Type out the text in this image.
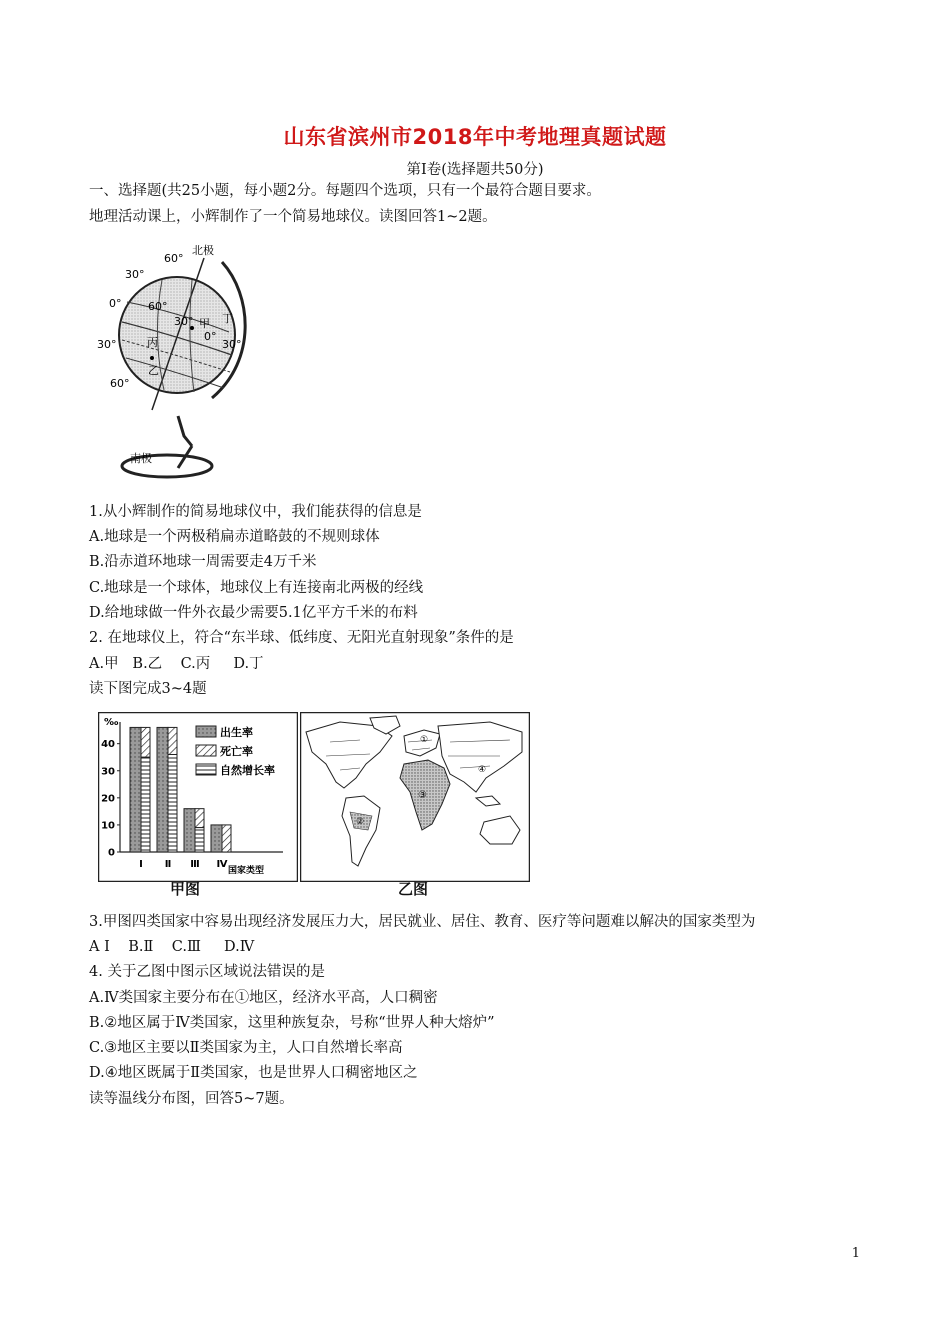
山东省滨州市2018年中考地理真题试题
第Ⅰ卷(选择题共50分)
一、选择题(共25小题，每小题2分。每题四个选项，只有一个最符合题目要求。
地理活动课上，小辉制作了一个简易地球仪。读图回答1~2题。
北极
南极
60°
30°
0°
30°
60°
60°
30°
0°
30°
甲
乙
丙
丁
1.从小辉制作的简易地球仪中，我们能获得的信息是
A.地球是一个两极稍扁赤道略鼓的不规则球体
B.沿赤道环地球一周需要走4万千米
C.地球是一个球体，地球仪上有连接南北两极的经线
D.给地球做一件外衣最少需要5.1亿平方千米的布料
2. 在地球仪上，符合“东半球、低纬度、无阳光直射现象”条件的是
A.甲   B.乙    C.丙     D.丁
读下图完成3~4题
‰
0
10
20
30
40
出生率
死亡率
自然增长率
Ⅰ Ⅱ Ⅲ Ⅳ
国家类型
甲图
①
②
③
④
乙图
3.甲图四类国家中容易出现经济发展压力大，居民就业、居住、教育、医疗等问题难以解决的国家类型为
A Ⅰ    B.Ⅱ    C.Ⅲ     D.Ⅳ
4. 关于乙图中图示区域说法错误的是
A.Ⅳ类国家主要分布在①地区，经济水平高，人口稠密
B.②地区属于Ⅳ类国家，这里种族复杂，号称“世界人种大熔炉”
C.③地区主要以Ⅱ类国家为主，人口自然增长率高
D.④地区既属于Ⅱ类国家，也是世界人口稠密地区之
读等温线分布图，回答5~7题。
1
